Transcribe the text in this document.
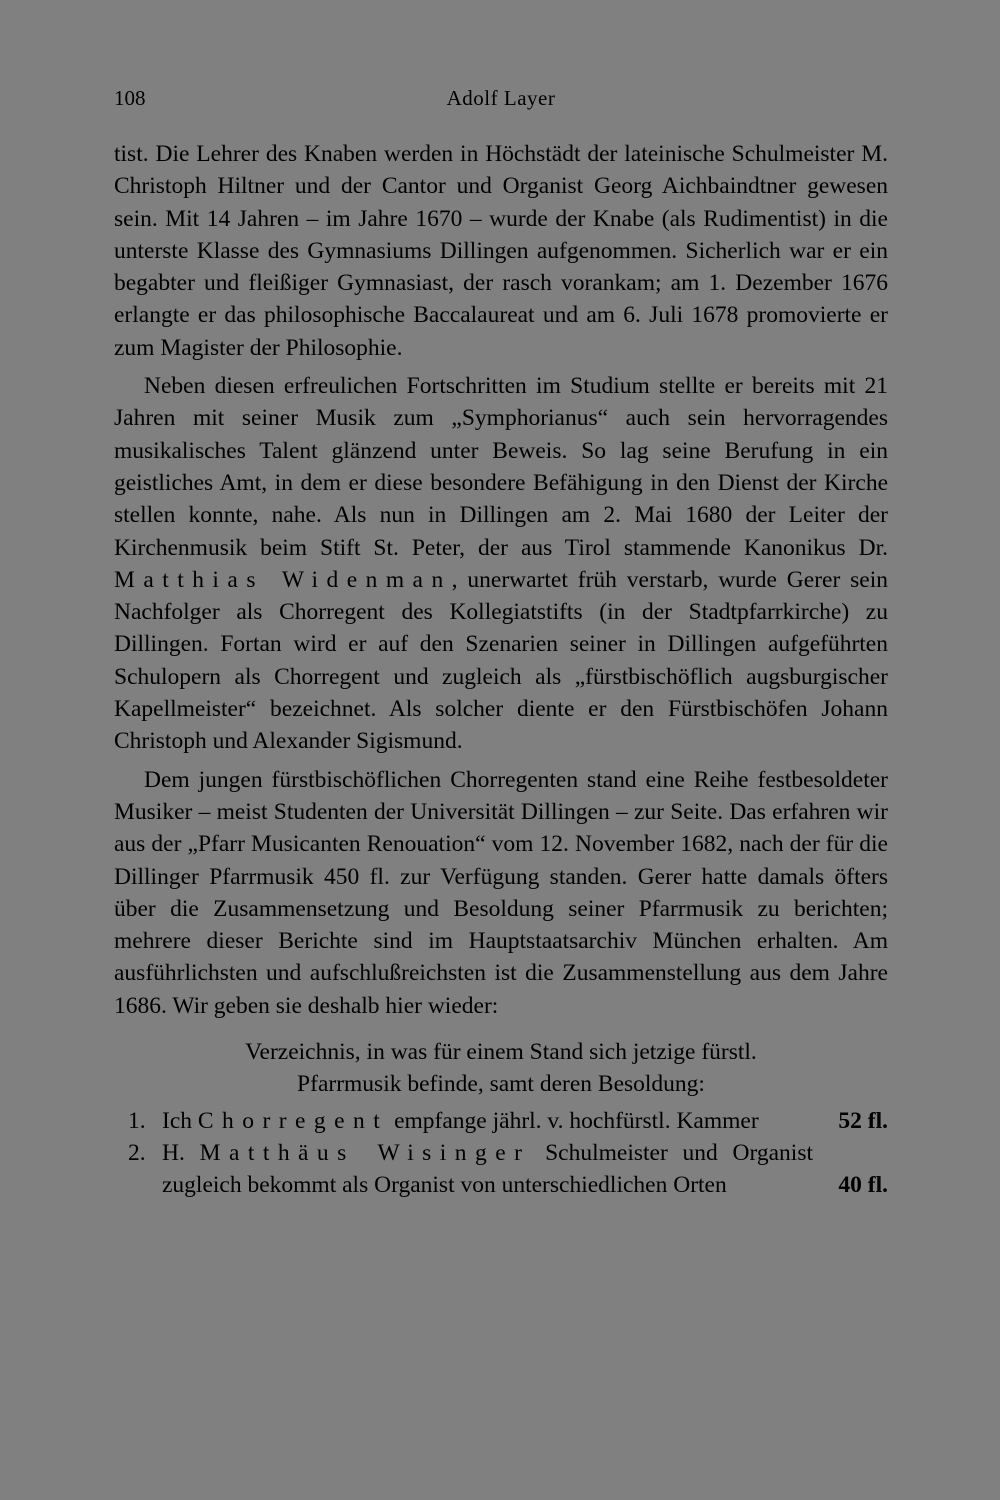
108	Adolf Layer

tist. Die Lehrer des Knaben werden in Höchstädt der lateinische Schulmeister M. Christoph Hiltner und der Cantor und Organist Georg Aichbaindtner gewesen sein. Mit 14 Jahren – im Jahre 1670 – wurde der Knabe (als Rudimentist) in die unterste Klasse des Gymnasiums Dillingen aufgenommen. Sicherlich war er ein begabter und fleißiger Gymnasiast, der rasch vorankam; am 1. Dezember 1676 erlangte er das philosophische Baccalaureat und am 6. Juli 1678 promovierte er zum Magister der Philosophie.

Neben diesen erfreulichen Fortschritten im Studium stellte er bereits mit 21 Jahren mit seiner Musik zum „Symphorianus“ auch sein hervorragendes musikalisches Talent glänzend unter Beweis. So lag seine Berufung in ein geistliches Amt, in dem er diese besondere Befähigung in den Dienst der Kirche stellen konnte, nahe. Als nun in Dillingen am 2. Mai 1680 der Leiter der Kirchenmusik beim Stift St. Peter, der aus Tirol stammende Kanonikus Dr. Matthias Widenman, unerwartet früh verstarb, wurde Gerer sein Nachfolger als Chorregent des Kollegiatstifts (in der Stadtpfarrkirche) zu Dillingen. Fortan wird er auf den Szenarien seiner in Dillingen aufgeführten Schulopern als Chorregent und zugleich als „fürstbischöflich augsburgischer Kapellmeister“ bezeichnet. Als solcher diente er den Fürstbischöfen Johann Christoph und Alexander Sigismund.

Dem jungen fürstbischöflichen Chorregenten stand eine Reihe festbesoldeter Musiker – meist Studenten der Universität Dillingen – zur Seite. Das erfahren wir aus der „Pfarr Musicanten Renouation“ vom 12. November 1682, nach der für die Dillinger Pfarrmusik 450 fl. zur Verfügung standen. Gerer hatte damals öfters über die Zusammensetzung und Besoldung seiner Pfarrmusik zu berichten; mehrere dieser Berichte sind im Hauptstaatsarchiv München erhalten. Am ausführlichsten und aufschlußreichsten ist die Zusammenstellung aus dem Jahre 1686. Wir geben sie deshalb hier wieder:

Verzeichnis, in was für einem Stand sich jetzige fürstl.
Pfarrmusik befinde, samt deren Besoldung:
1. Ich Chorregent empfange jährl. v. hochfürstl. Kammer	52 fl.
2. H. Matthäus Wisinger Schulmeister und Organist zugleich bekommt als Organist von unterschiedlichen Orten	40 fl.
